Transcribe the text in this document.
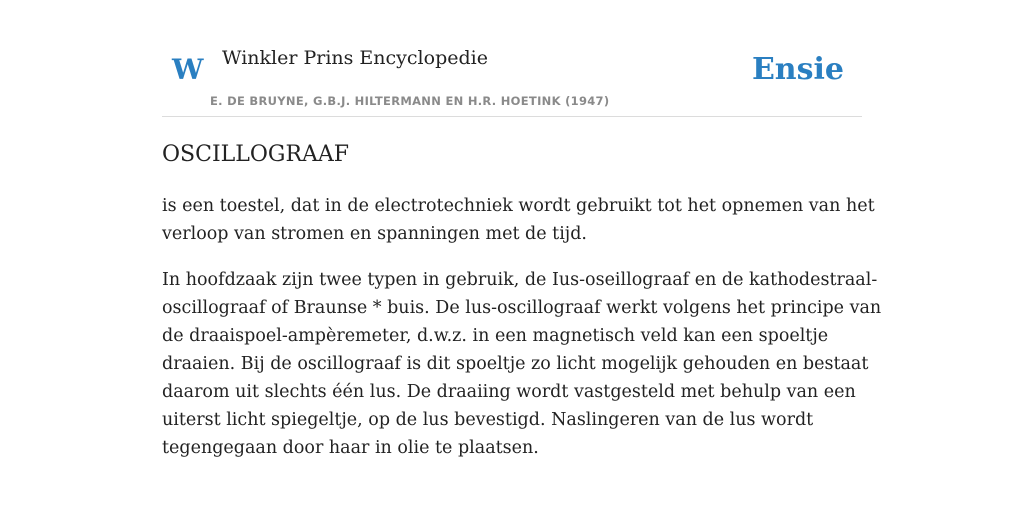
W Winkler Prins Encyclopedie
E. DE BRUYNE, G.B.J. HILTERMANN EN H.R. HOETINK (1947)
Ensie
OSCILLOGRAAF

is een toestel, dat in de electrotechniek wordt gebruikt tot het opnemen van het
verloop van stromen en spanningen met de tijd.

In hoofdzaak zijn twee typen in gebruik, de Ius-oseillograaf en de kathodestraal-
oscillograaf of Braunse * buis. De lus-oscillograaf werkt volgens het principe van
de draaispoel-ampèremeter, d.w.z. in een magnetisch veld kan een spoeltje
draaien. Bij de oscillograaf is dit spoeltje zo licht mogelijk gehouden en bestaat
daarom uit slechts één lus. De draaiing wordt vastgesteld met behulp van een
uiterst licht spiegeltje, op de lus bevestigd. Naslingeren van de lus wordt
tegengegaan door haar in olie te plaatsen.
